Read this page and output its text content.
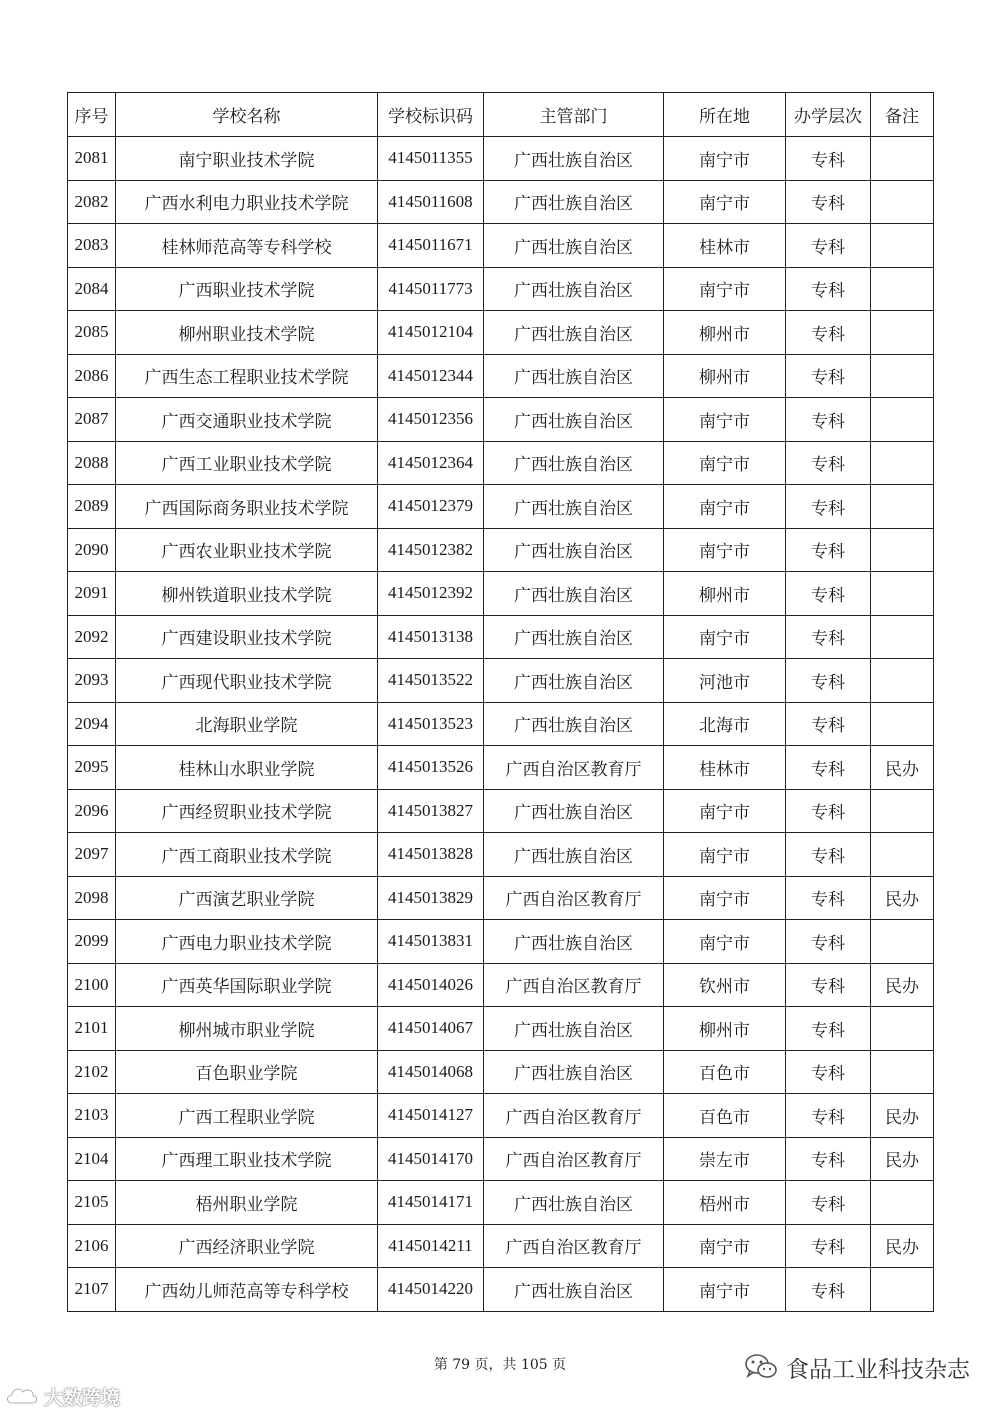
序号	学校名称	学校标识码	主管部门	所在地	办学层次	备注
2081	南宁职业技术学院	4145011355	广西壮族自治区	南宁市	专科	
2082	广西水利电力职业技术学院	4145011608	广西壮族自治区	南宁市	专科	
2083	桂林师范高等专科学校	4145011671	广西壮族自治区	桂林市	专科	
2084	广西职业技术学院	4145011773	广西壮族自治区	南宁市	专科	
2085	柳州职业技术学院	4145012104	广西壮族自治区	柳州市	专科	
2086	广西生态工程职业技术学院	4145012344	广西壮族自治区	柳州市	专科	
2087	广西交通职业技术学院	4145012356	广西壮族自治区	南宁市	专科	
2088	广西工业职业技术学院	4145012364	广西壮族自治区	南宁市	专科	
2089	广西国际商务职业技术学院	4145012379	广西壮族自治区	南宁市	专科	
2090	广西农业职业技术学院	4145012382	广西壮族自治区	南宁市	专科	
2091	柳州铁道职业技术学院	4145012392	广西壮族自治区	柳州市	专科	
2092	广西建设职业技术学院	4145013138	广西壮族自治区	南宁市	专科	
2093	广西现代职业技术学院	4145013522	广西壮族自治区	河池市	专科	
2094	北海职业学院	4145013523	广西壮族自治区	北海市	专科	
2095	桂林山水职业学院	4145013526	广西自治区教育厅	桂林市	专科	民办
2096	广西经贸职业技术学院	4145013827	广西壮族自治区	南宁市	专科	
2097	广西工商职业技术学院	4145013828	广西壮族自治区	南宁市	专科	
2098	广西演艺职业学院	4145013829	广西自治区教育厅	南宁市	专科	民办
2099	广西电力职业技术学院	4145013831	广西壮族自治区	南宁市	专科	
2100	广西英华国际职业学院	4145014026	广西自治区教育厅	钦州市	专科	民办
2101	柳州城市职业学院	4145014067	广西壮族自治区	柳州市	专科	
2102	百色职业学院	4145014068	广西壮族自治区	百色市	专科	
2103	广西工程职业学院	4145014127	广西自治区教育厅	百色市	专科	民办
2104	广西理工职业技术学院	4145014170	广西自治区教育厅	崇左市	专科	民办
2105	梧州职业学院	4145014171	广西壮族自治区	梧州市	专科	
2106	广西经济职业学院	4145014211	广西自治区教育厅	南宁市	专科	民办
2107	广西幼儿师范高等专科学校	4145014220	广西壮族自治区	南宁市	专科	
第 79 页，共 105 页
大数跨境
食品工业科技杂志
